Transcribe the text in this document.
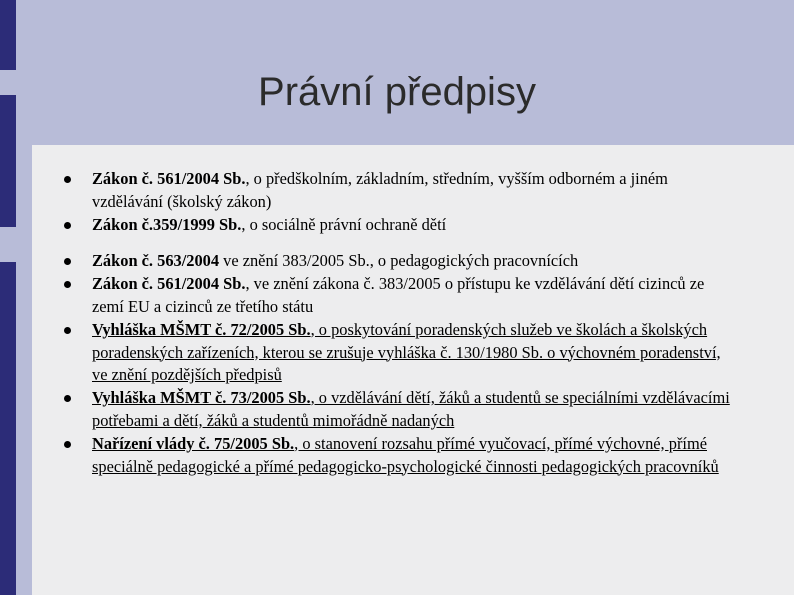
Právní předpisy
Zákon č. 561/2004 Sb., o předškolním, základním, středním, vyšším odborném a jiném vzdělávání (školský zákon)
Zákon č.359/1999 Sb., o sociálně právní ochraně dětí
Zákon č. 563/2004 ve znění 383/2005 Sb., o pedagogických pracovnících
Zákon č. 561/2004 Sb., ve znění zákona č. 383/2005 o přístupu ke vzdělávání dětí cizinců ze zemí EU a cizinců ze třetího státu
Vyhláška MŠMT č. 72/2005 Sb., o poskytování poradenských služeb ve školách a školských poradenských zařízeních, kterou se zrušuje vyhláška č. 130/1980 Sb. o výchovném poradenství, ve znění pozdějších předpisů
Vyhláška MŠMT č. 73/2005 Sb., o vzdělávání dětí, žáků a studentů se speciálními vzdělávacími potřebami a dětí, žáků a studentů mimořádně nadaných
Nařízení vlády č. 75/2005 Sb., o stanovení rozsahu přímé vyučovací, přímé výchovné, přímé speciálně pedagogické a přímé pedagogicko-psychologické činnosti pedagogických pracovníků
